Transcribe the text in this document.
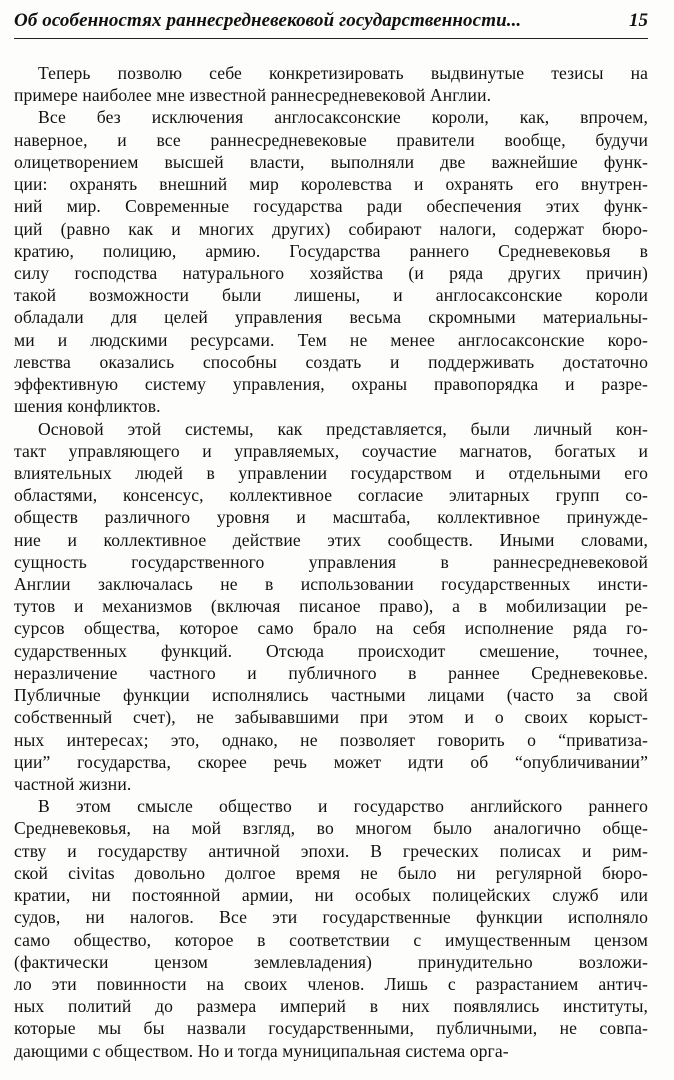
Об особенностях раннесредневековой государственности...	15
Теперь позволю себе конкретизировать выдвинутые тезисы на
примере наиболее мне известной раннесредневековой Англии.
Все без исключения англосаксонские короли, как, впрочем,
наверное, и все раннесредневековые правители вообще, будучи
олицетворением высшей власти, выполняли две важнейшие функ-
ции: охранять внешний мир королевства и охранять его внутрен-
ний мир. Современные государства ради обеспечения этих функ-
ций (равно как и многих других) собирают налоги, содержат бюро-
кратию, полицию, армию. Государства раннего Средневековья в
силу господства натурального хозяйства (и ряда других причин)
такой возможности были лишены, и англосаксонские короли
обладали для целей управления весьма скромными материальны-
ми и людскими ресурсами. Тем не менее англосаксонские коро-
левства оказались способны создать и поддерживать достаточно
эффективную систему управления, охраны правопорядка и разре-
шения конфликтов.
Основой этой системы, как представляется, были личный кон-
такт управляющего и управляемых, соучастие магнатов, богатых и
влиятельных людей в управлении государством и отдельными его
областями, консенсус, коллективное согласие элитарных групп со-
обществ различного уровня и масштаба, коллективное принужде-
ние и коллективное действие этих сообществ. Иными словами,
сущность государственного управления в раннесредневековой
Англии заключалась не в использовании государственных инсти-
тутов и механизмов (включая писаное право), а в мобилизации ре-
сурсов общества, которое само брало на себя исполнение ряда го-
сударственных функций. Отсюда происходит смешение, точнее,
неразличение частного и публичного в раннее Средневековье.
Публичные функции исполнялись частными лицами (часто за свой
собственный счет), не забывавшими при этом и о своих корыст-
ных интересах; это, однако, не позволяет говорить о “приватиза-
ции” государства, скорее речь может идти об “опубличивании”
частной жизни.
В этом смысле общество и государство английского раннего
Средневековья, на мой взгляд, во многом было аналогично обще-
ству и государству античной эпохи. В греческих полисах и рим-
ской civitas довольно долгое время не было ни регулярной бюро-
кратии, ни постоянной армии, ни особых полицейских служб или
судов, ни налогов. Все эти государственные функции исполняло
само общество, которое в соответствии с имущественным цензом
(фактически цензом землевладения) принудительно возложи-
ло эти повинности на своих членов. Лишь с разрастанием антич-
ных политий до размера империй в них появлялись институты,
которые мы бы назвали государственными, публичными, не совпа-
дающими с обществом. Но и тогда муниципальная система орга-
